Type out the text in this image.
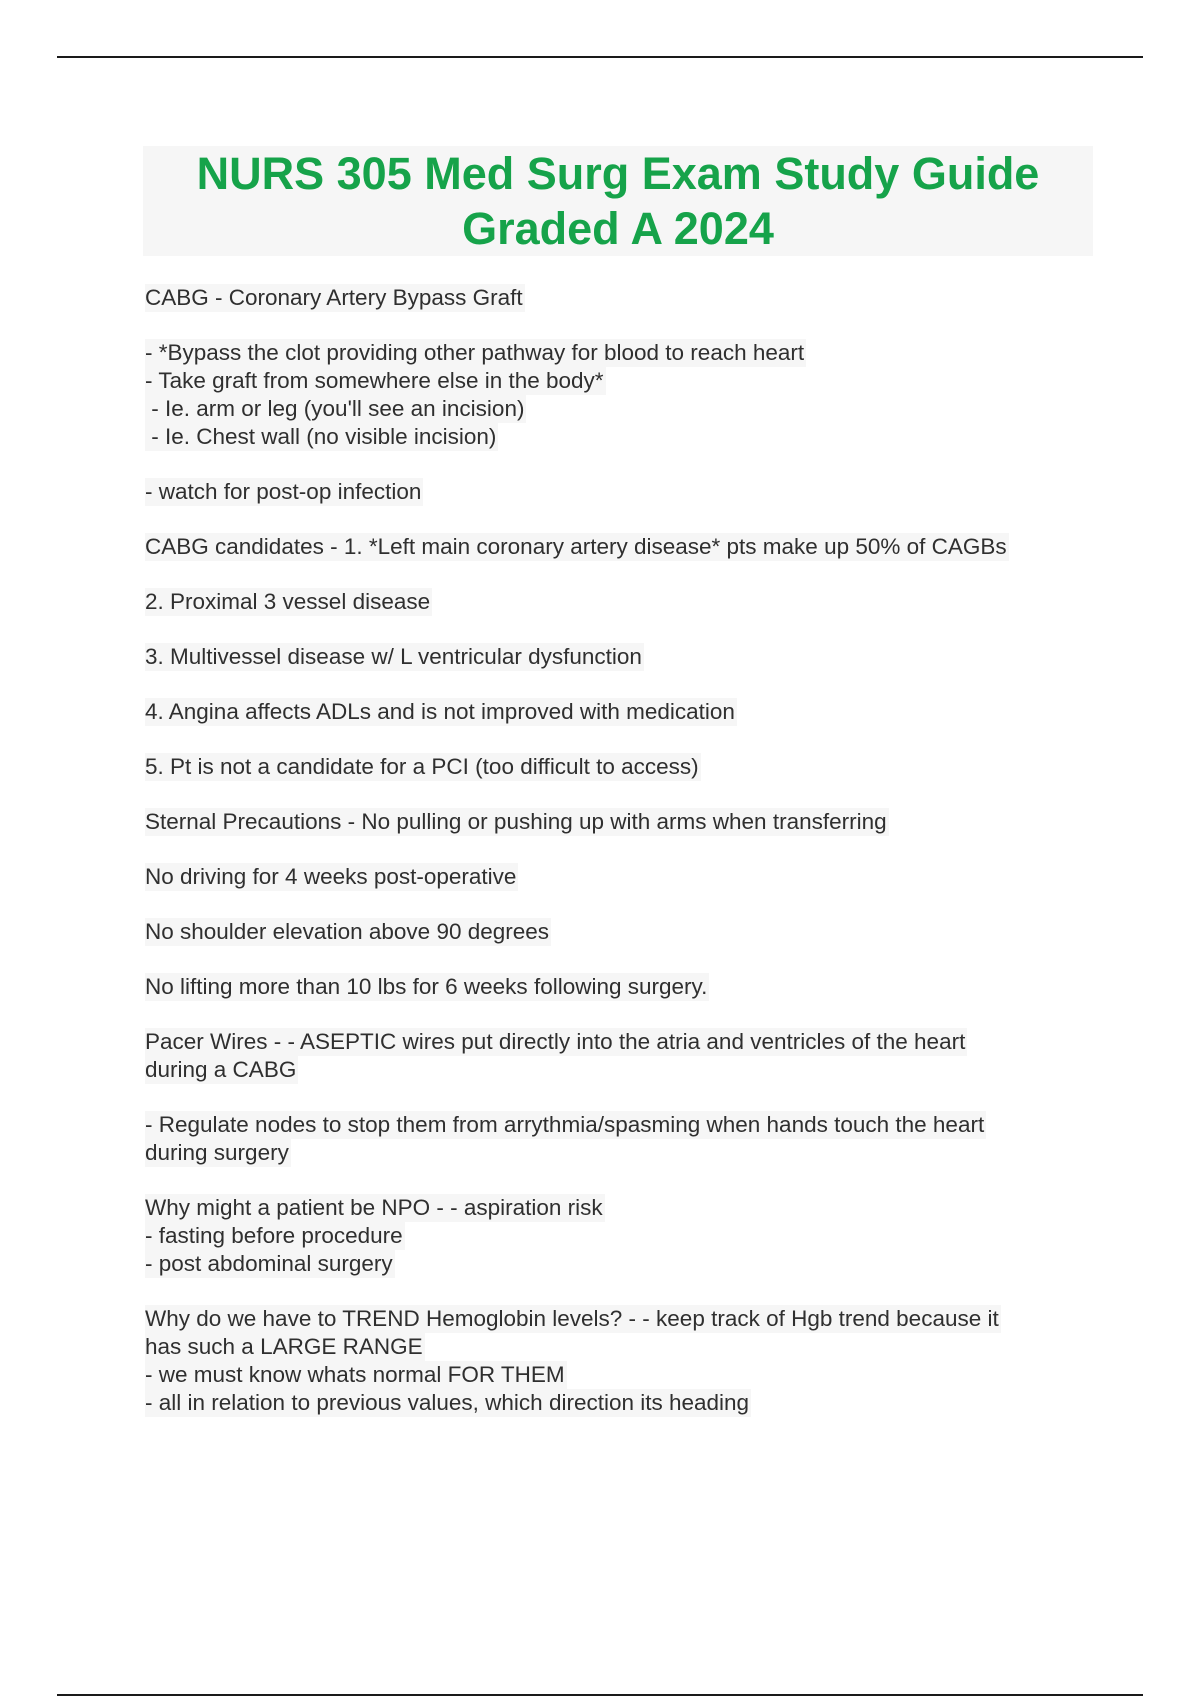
NURS 305 Med Surg Exam Study Guide
Graded A 2024
CABG - Coronary Artery Bypass Graft
- *Bypass the clot providing other pathway for blood to reach heart
- Take graft from somewhere else in the body*
- Ie. arm or leg (you'll see an incision)
- Ie. Chest wall (no visible incision)
- watch for post-op infection
CABG candidates - 1. *Left main coronary artery disease* pts make up 50% of CAGBs
2. Proximal 3 vessel disease
3. Multivessel disease w/ L ventricular dysfunction
4. Angina affects ADLs and is not improved with medication
5. Pt is not a candidate for a PCI (too difficult to access)
Sternal Precautions - No pulling or pushing up with arms when transferring
No driving for 4 weeks post-operative
No shoulder elevation above 90 degrees
No lifting more than 10 lbs for 6 weeks following surgery.
Pacer Wires - - ASEPTIC wires put directly into the atria and ventricles of the heart
during a CABG
- Regulate nodes to stop them from arrythmia/spasming when hands touch the heart
during surgery
Why might a patient be NPO - - aspiration risk
- fasting before procedure
- post abdominal surgery
Why do we have to TREND Hemoglobin levels? - - keep track of Hgb trend because it
has such a LARGE RANGE
- we must know whats normal FOR THEM
- all in relation to previous values, which direction its heading
